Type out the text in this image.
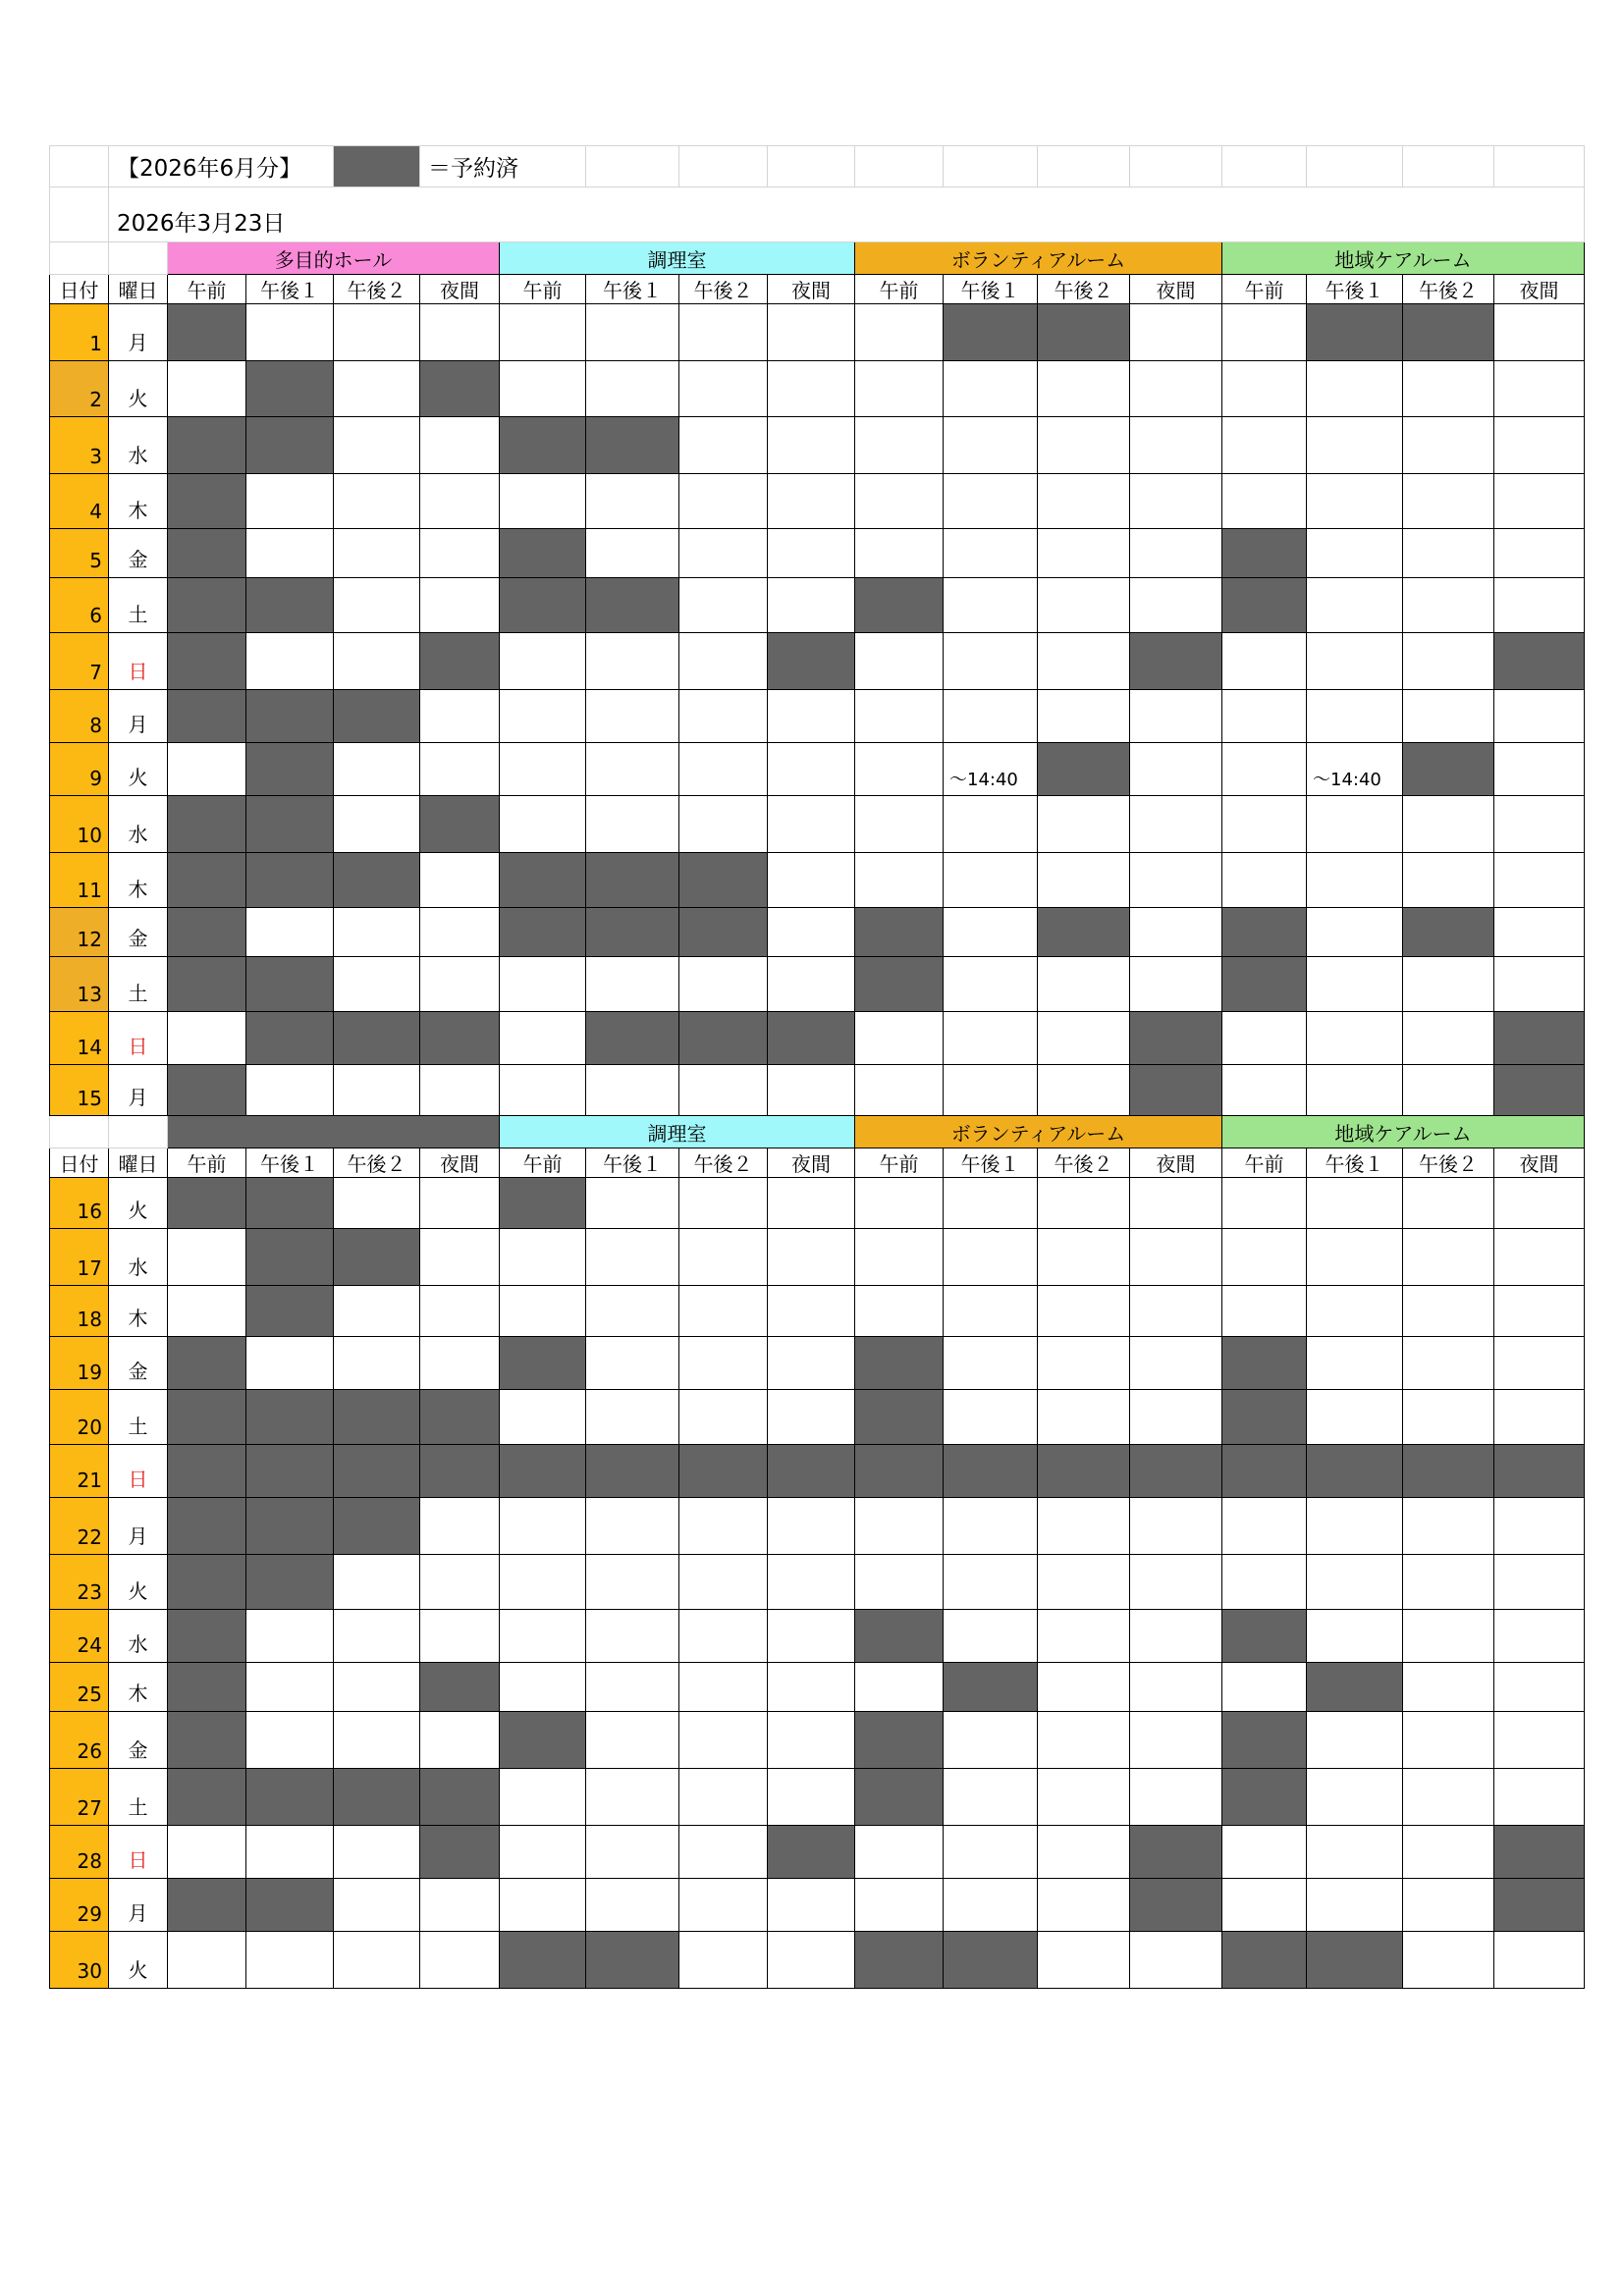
	【2026年6月分】				＝予約済												
	2026年3月23日																
		多目的ホール				調理室				ボランティアルーム				地域ケアルーム			
日付	曜日	午前	午後１	午後２	夜間	午前	午後１	午後２	夜間	午前	午後１	午後２	夜間	午前	午後１	午後２	夜間
1	月																
2	火																
3	水																
4	木																
5	金																
6	土																
7	日																
8	月																
9	火										～14:40				～14:40		

10	水																
11	木																
12	金																
13	土																
14	日																
15	月																
						調理室				ボランティアルーム				地域ケアルーム			
日付	曜日	午前	午後１	午後２	夜間	午前	午後１	午後２	夜間	午前	午後１	午後２	夜間	午前	午後１	午後２	夜間
16	火																
17	水																
18	木																
19	金																
20	土																
21	日																
22	月																
23	火																
24	水																
25	木																
26	金																
27	土																
28	日																
29	月																
30	火																
